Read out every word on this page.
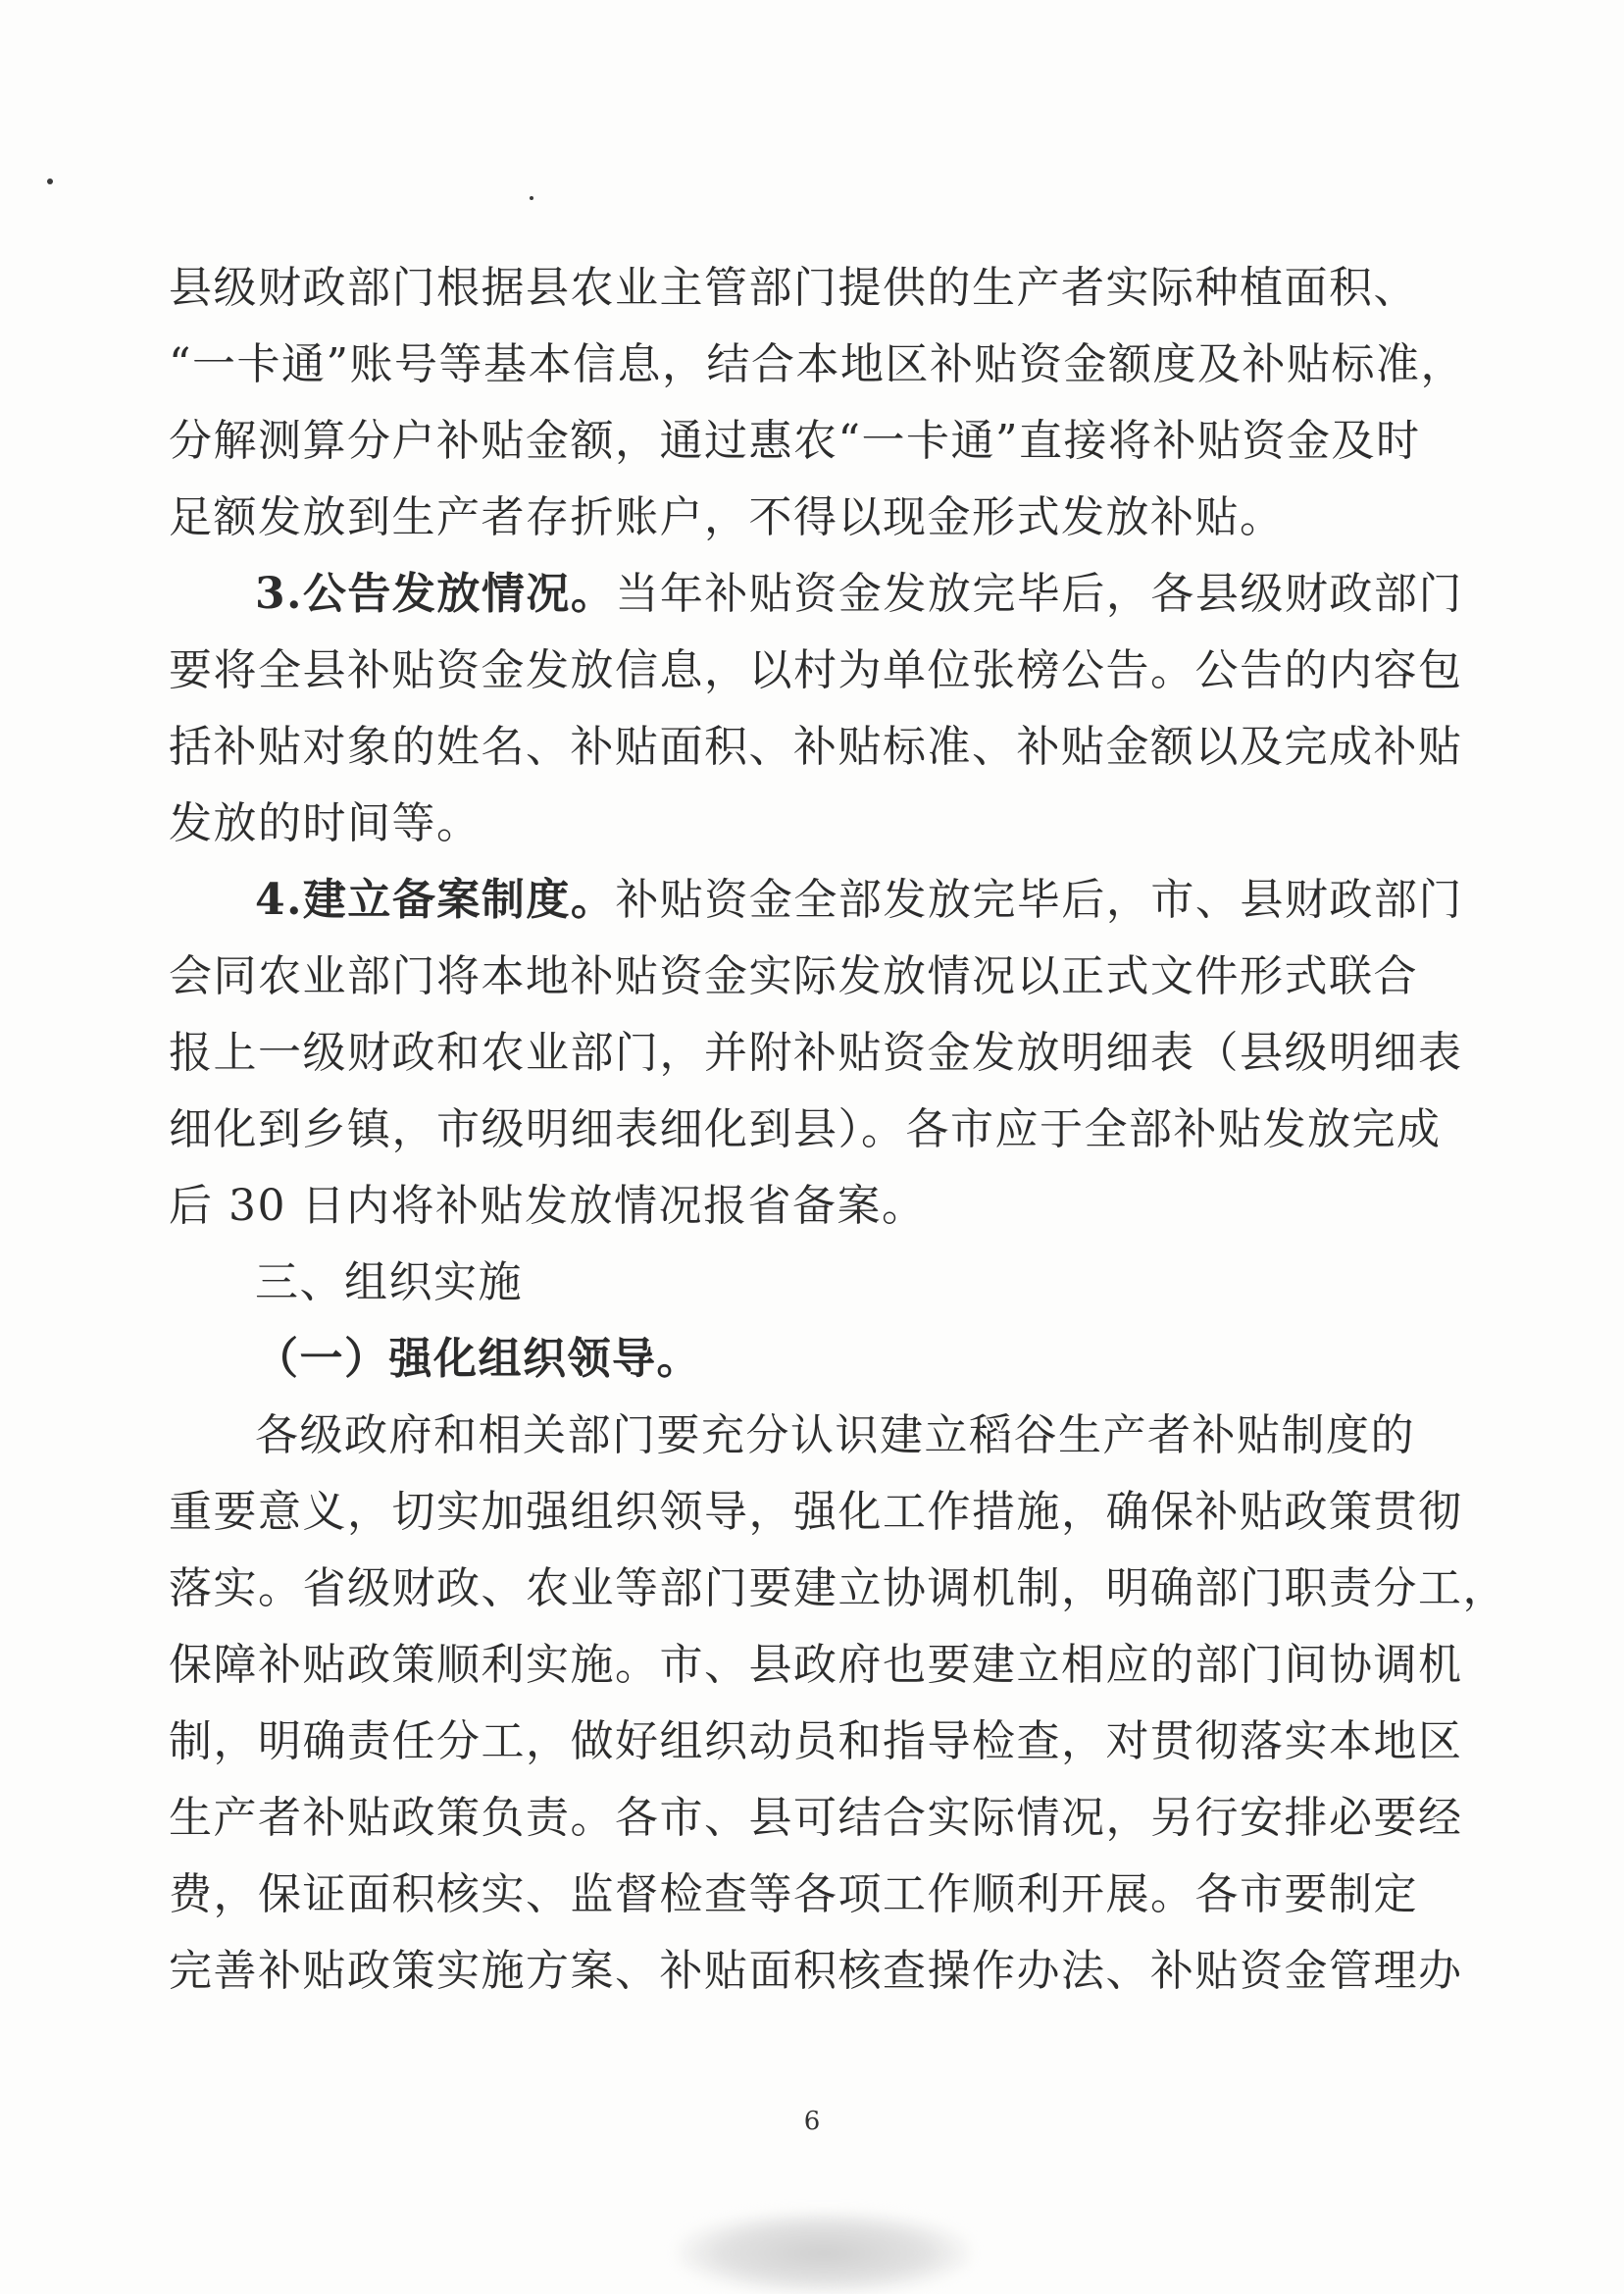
县级财政部门根据县农业主管部门提供的生产者实际种植面积、
“一卡通”账号等基本信息，结合本地区补贴资金额度及补贴标准，
分解测算分户补贴金额，通过惠农“一卡通”直接将补贴资金及时
足额发放到生产者存折账户，不得以现金形式发放补贴。
3.公告发放情况。当年补贴资金发放完毕后，各县级财政部门
要将全县补贴资金发放信息，以村为单位张榜公告。公告的内容包
括补贴对象的姓名、补贴面积、补贴标准、补贴金额以及完成补贴
发放的时间等。
4.建立备案制度。补贴资金全部发放完毕后，市、县财政部门
会同农业部门将本地补贴资金实际发放情况以正式文件形式联合
报上一级财政和农业部门，并附补贴资金发放明细表（县级明细表
细化到乡镇，市级明细表细化到县）。各市应于全部补贴发放完成
后 30 日内将补贴发放情况报省备案。
三、组织实施
（一）强化组织领导。
各级政府和相关部门要充分认识建立稻谷生产者补贴制度的
重要意义，切实加强组织领导，强化工作措施，确保补贴政策贯彻
落实。省级财政、农业等部门要建立协调机制，明确部门职责分工，
保障补贴政策顺利实施。市、县政府也要建立相应的部门间协调机
制，明确责任分工，做好组织动员和指导检查，对贯彻落实本地区
生产者补贴政策负责。各市、县可结合实际情况，另行安排必要经
费，保证面积核实、监督检查等各项工作顺利开展。各市要制定
完善补贴政策实施方案、补贴面积核查操作办法、补贴资金管理办
6
